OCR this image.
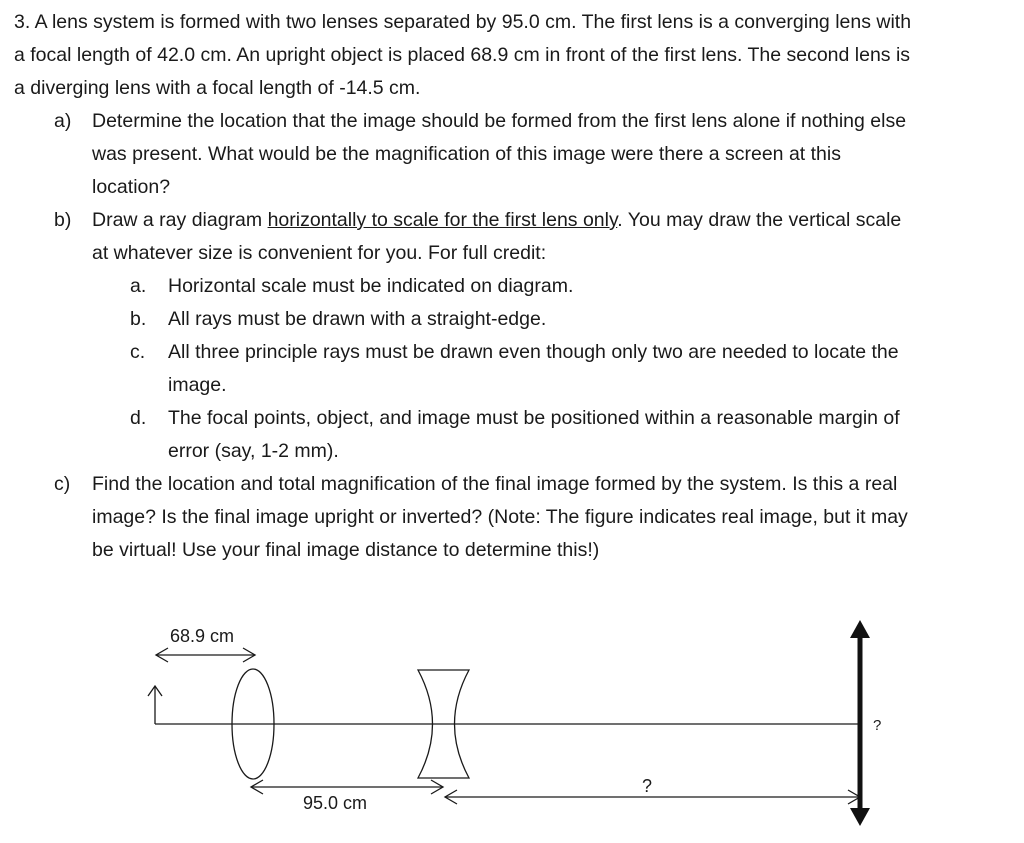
3. A lens system is formed with two lenses separated by 95.0 cm. The first lens is a converging lens with
a focal length of 42.0 cm. An upright object is placed 68.9 cm in front of the first lens. The second lens is
a diverging lens with a focal length of -14.5 cm.
a) Determine the location that the image should be formed from the first lens alone if nothing else
was present. What would be the magnification of this image were there a screen at this
location?
b) Draw a ray diagram horizontally to scale for the first lens only. You may draw the vertical scale
at whatever size is convenient for you. For full credit:
a. Horizontal scale must be indicated on diagram.
b. All rays must be drawn with a straight-edge.
c. All three principle rays must be drawn even though only two are needed to locate the
image.
d. The focal points, object, and image must be positioned within a reasonable margin of
error (say, 1-2 mm).
c) Find the location and total magnification of the final image formed by the system. Is this a real
image? Is the final image upright or inverted? (Note: The figure indicates real image, but it may
be virtual! Use your final image distance to determine this!)
68.9 cm
95.0 cm
?
?
